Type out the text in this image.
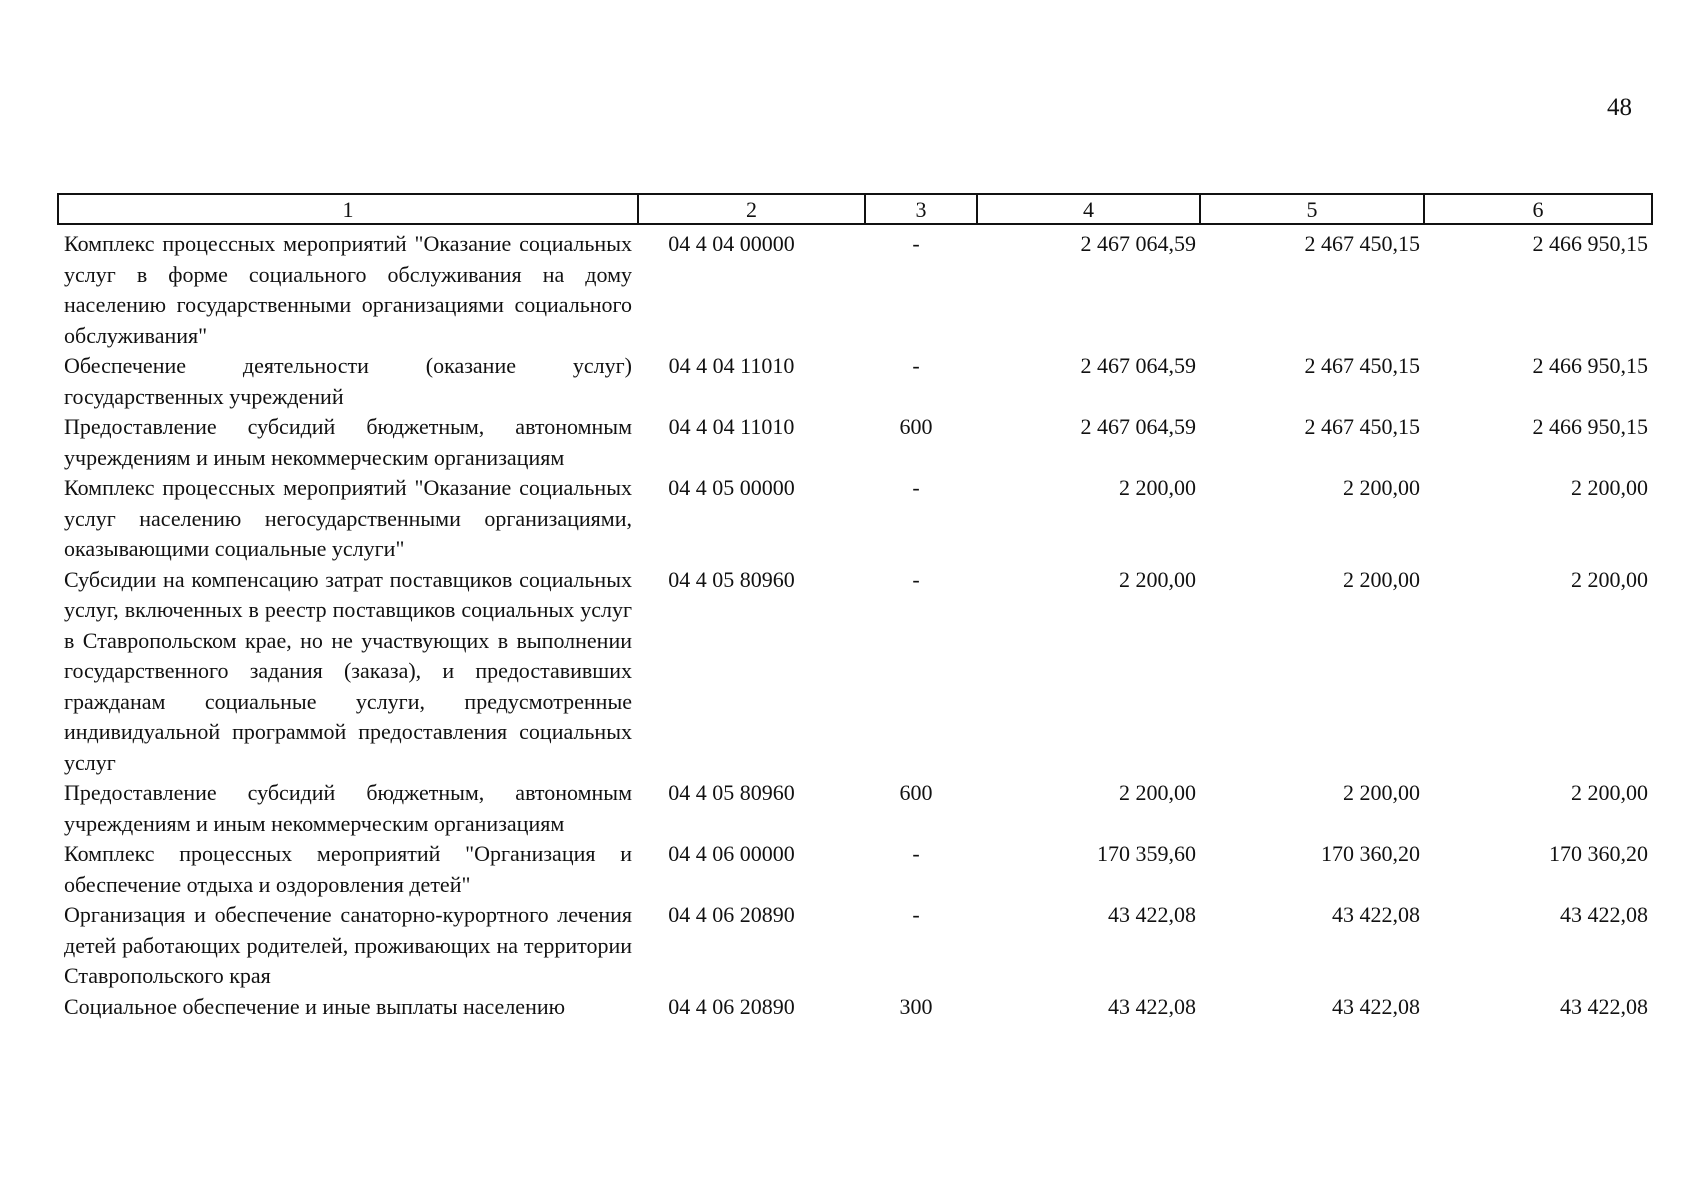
48
1	2	3	4	5	6
Комплекс процессных мероприятий "Оказание социальных услуг в форме социального обслуживания на дому населению государственными организациями социального обслуживания"	04 4 04 00000	-	2 467 064,59	2 467 450,15	2 466 950,15
Обеспечение деятельности (оказание услуг) государственных учреждений	04 4 04 11010	-	2 467 064,59	2 467 450,15	2 466 950,15
Предоставление субсидий бюджетным, автономным учреждениям и иным некоммерческим организациям	04 4 04 11010	600	2 467 064,59	2 467 450,15	2 466 950,15
Комплекс процессных мероприятий "Оказание социальных услуг населению негосударственными организациями, оказывающими социальные услуги"	04 4 05 00000	-	2 200,00	2 200,00	2 200,00
Субсидии на компенсацию затрат поставщиков социальных услуг, включенных в реестр поставщиков социальных услуг в Ставропольском крае, но не участвующих в выполнении государственного задания (заказа), и предоставивших гражданам социальные услуги, предусмотренные индивидуальной программой предоставления социальных услуг	04 4 05 80960	-	2 200,00	2 200,00	2 200,00
Предоставление субсидий бюджетным, автономным учреждениям и иным некоммерческим организациям	04 4 05 80960	600	2 200,00	2 200,00	2 200,00
Комплекс процессных мероприятий "Организация и обеспечение отдыха и оздоровления детей"	04 4 06 00000	-	170 359,60	170 360,20	170 360,20
Организация и обеспечение санаторно-курортного лечения детей работающих родителей, проживающих на территории Ставропольского края	04 4 06 20890	-	43 422,08	43 422,08	43 422,08
Социальное обеспечение и иные выплаты населению	04 4 06 20890	300	43 422,08	43 422,08	43 422,08
